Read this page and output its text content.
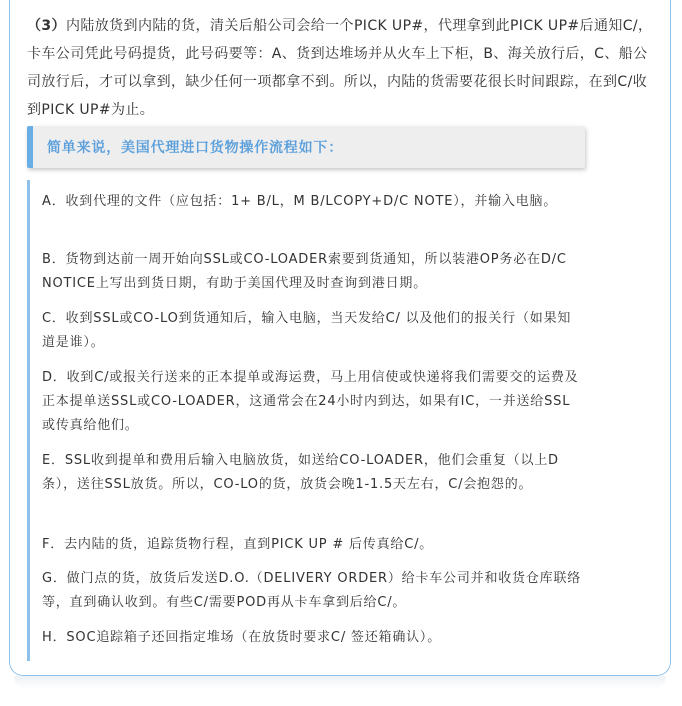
（3）内陆放货到内陆的货，清关后船公司会给一个PICK UP#，代理拿到此PICK UP#后通知C/，卡车公司凭此号码提货，此号码要等：A、货到达堆场并从火车上下柜，B、海关放行后，C、船公司放行后，才可以拿到，缺少任何一项都拿不到。所以，内陆的货需要花很长时间跟踪，在到C/收到PICK UP#为止。

简单来说，美国代理进口货物操作流程如下：

A．收到代理的文件（应包括：1+ B/L，M B/LCOPY+D/C NOTE），并输入电脑。

B．货物到达前一周开始向SSL或CO-LOADER索要到货通知，所以装港OP务必在D/C NOTICE上写出到货日期，有助于美国代理及时查询到港日期。

C．收到SSL或CO-LO到货通知后，输入电脑，当天发给C/ 以及他们的报关行（如果知道是谁）。

D．收到C/或报关行送来的正本提单或海运费，马上用信使或快递将我们需要交的运费及正本提单送SSL或CO-LOADER，这通常会在24小时内到达，如果有IC，一并送给SSL或传真给他们。

E．SSL收到提单和费用后输入电脑放货，如送给CO-LOADER，他们会重复（以上D条），送往SSL放货。所以，CO-LO的货，放货会晚1-1.5天左右，C/会抱怨的。

F．去内陆的货，追踪货物行程，直到PICK UP # 后传真给C/。

G．做门点的货，放货后发送D.O.（DELIVERY ORDER）给卡车公司并和收货仓库联络等，直到确认收到。有些C/需要POD再从卡车拿到后给C/。

H．SOC追踪箱子还回指定堆场（在放货时要求C/ 签还箱确认）。
